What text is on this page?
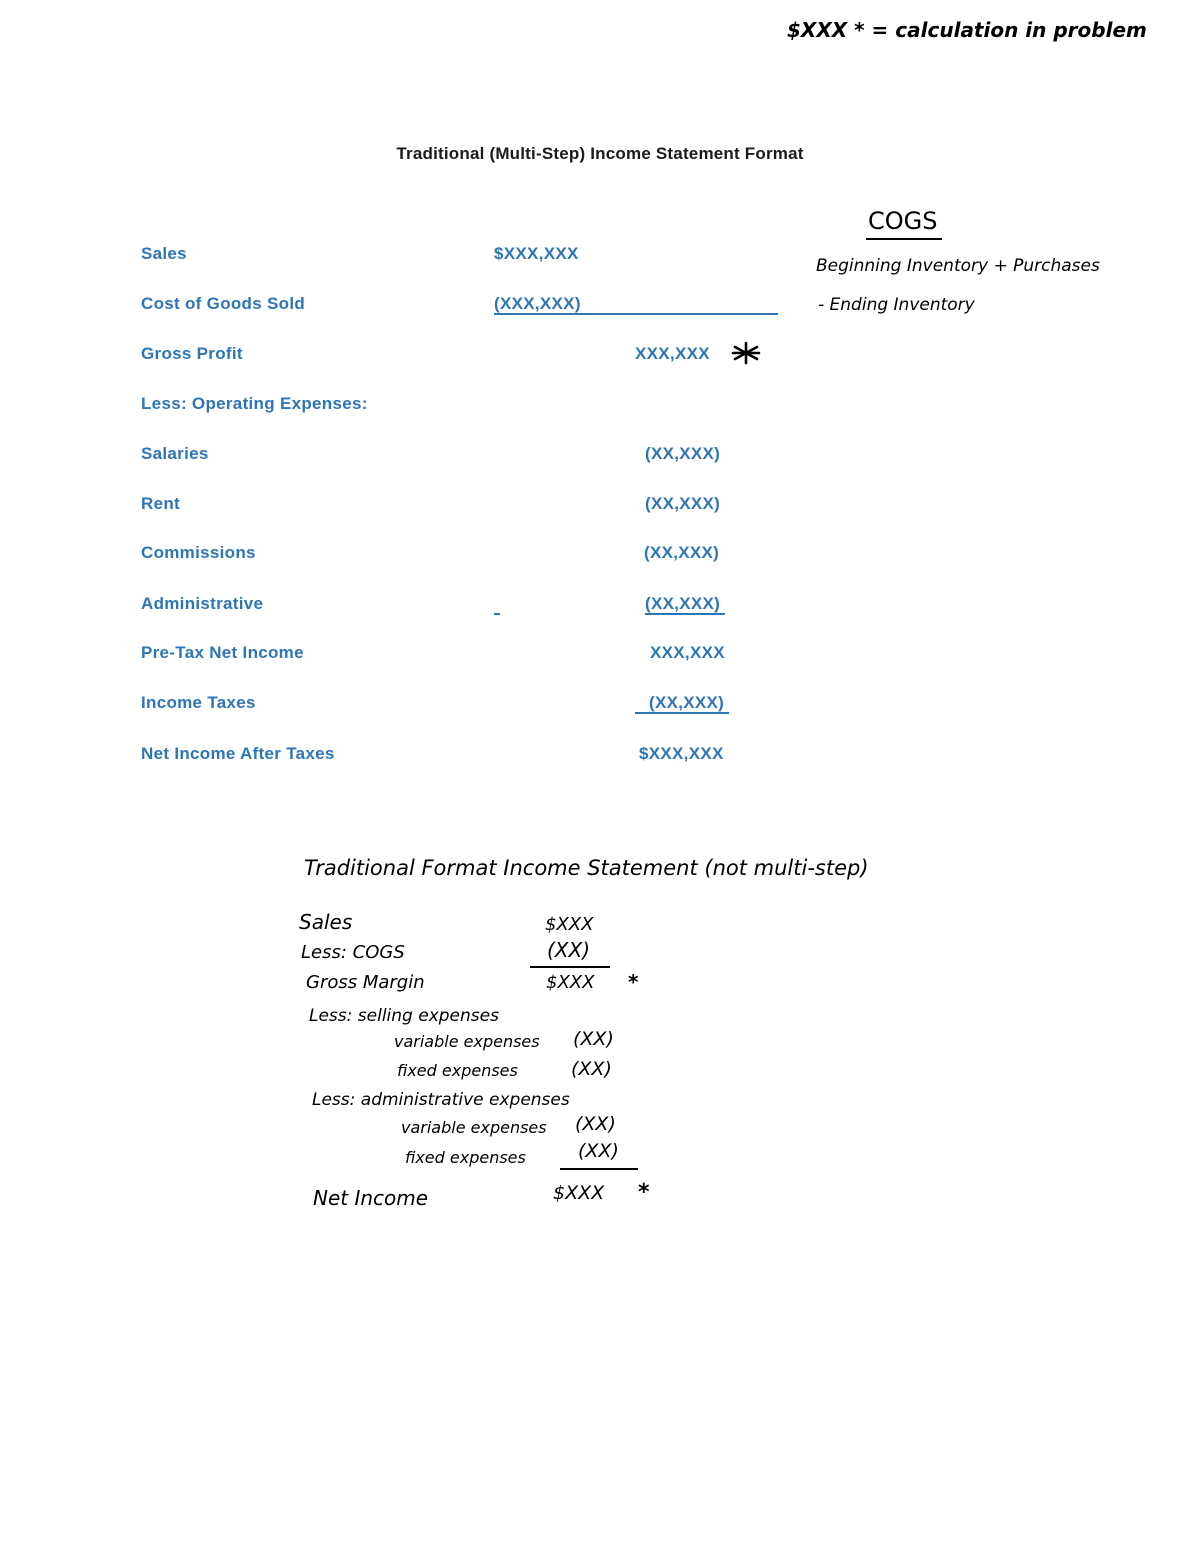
$XXX * = calculation in problem
Traditional (Multi-Step) Income Statement Format
COGS
Beginning Inventory + Purchases
- Ending Inventory
Sales	$XXX,XXX
Cost of Goods Sold	(XXX,XXX)
Gross Profit	XXX,XXX
Less: Operating Expenses:
Salaries	(XX,XXX)
Rent	(XX,XXX)
Commissions	(XX,XXX)
Administrative	(XX,XXX)
Pre-Tax Net Income	XXX,XXX
Income Taxes	(XX,XXX)
Net Income After Taxes	$XXX,XXX
Traditional Format Income Statement (not multi-step)
Sales	$XXX
Less: COGS	(XX)
Gross Margin	$XXX *
Less: selling expenses
variable expenses (XX)
fixed expenses	(XX)
Less: administrative expenses
variable expenses (XX)
fixed expenses	(XX)
Net Income	$XXX *
